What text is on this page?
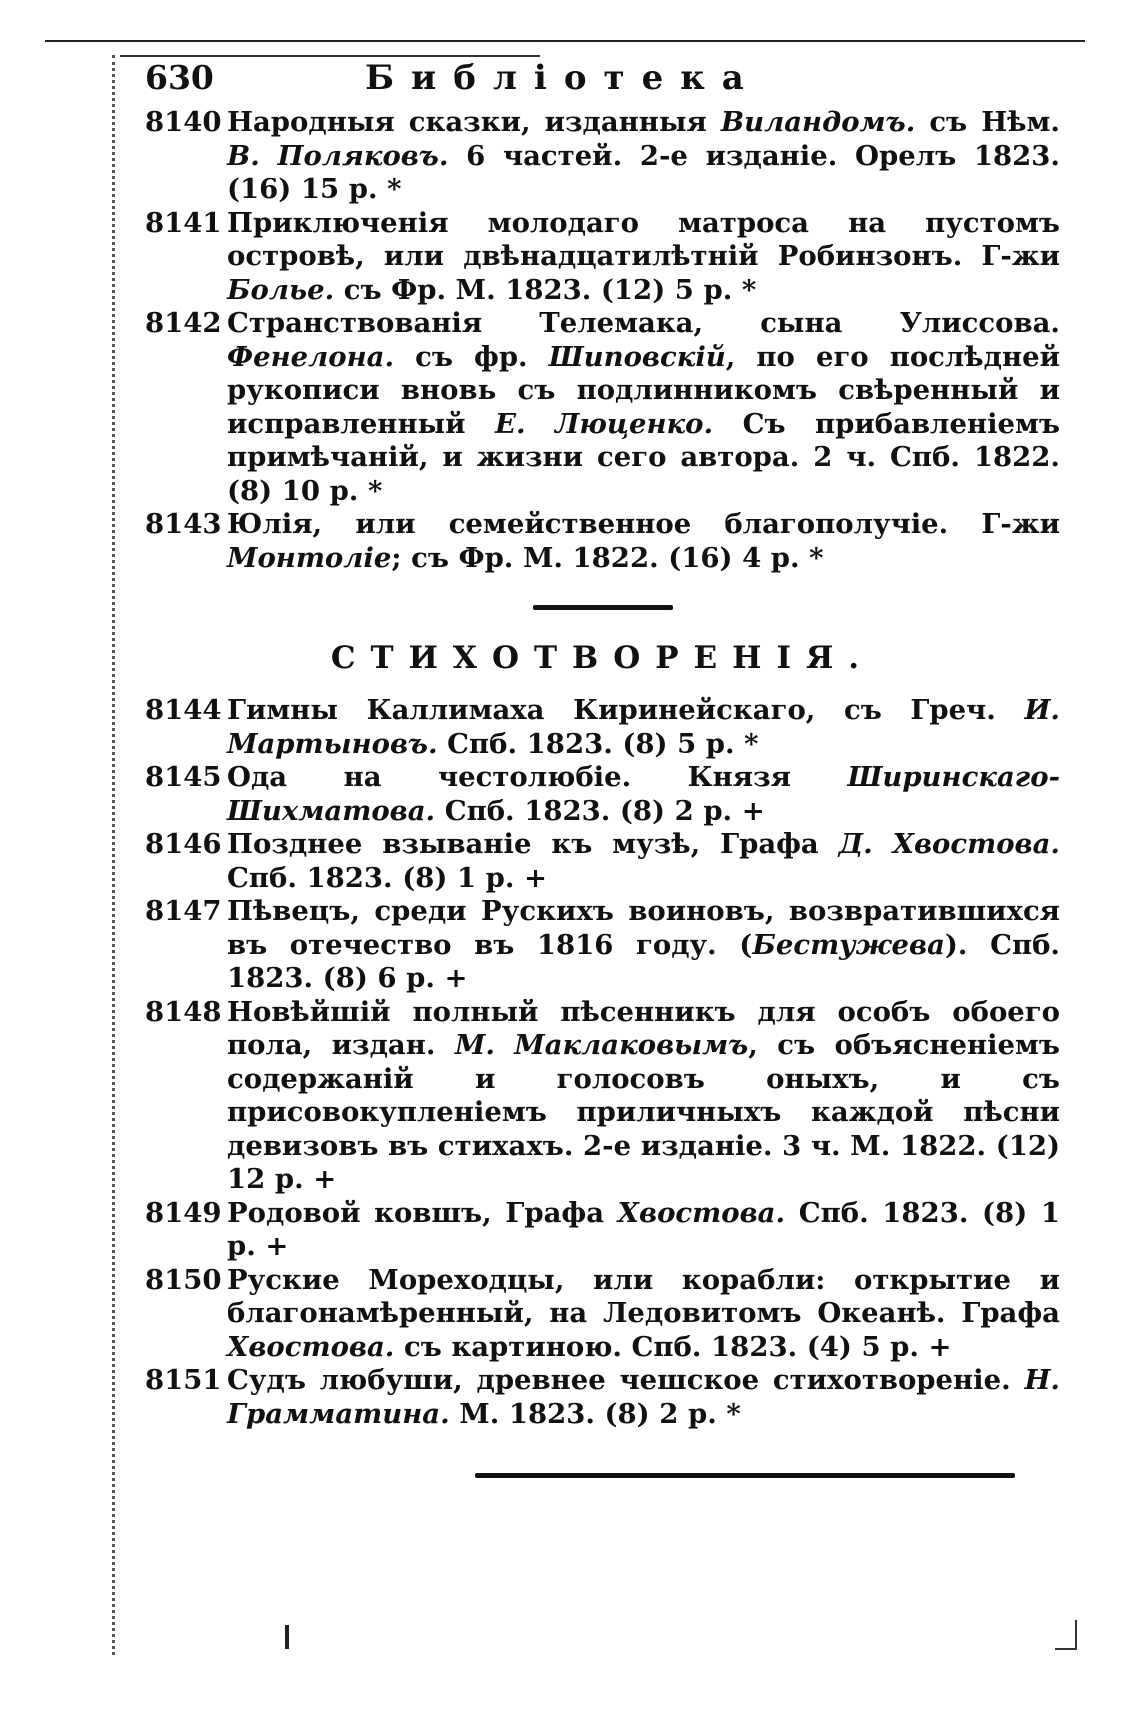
630	Библіотека
8140 Народныя сказки, изданныя Виландомъ. съ Нѣм. В. Поляковъ. 6 частей. 2-е изданіе. Орелъ 1823. (16) 15 р. *
8141 Приключенія молодаго матроса на пустомъ островѣ, или двѣнадцатилѣтній Робинзонъ. Г-жи Болье. съ Фр. М. 1823. (12) 5 р. *
8142 Странствованія Телемака, сына Улиссова. Фенелона. съ фр. Шиповскій, по его послѣдней рукописи вновь съ подлинникомъ свѣренный и исправленный Е. Люценко. Съ прибавленіемъ примѣчаній, и жизни сего автора. 2 ч. Спб. 1822. (8) 10 р. *
8143 Юлія, или семейственное благополучіе. Г-жи Монтоліе; съ Фр. М. 1822. (16) 4 р. *
СТИХОТВОРЕНІЯ.
8144 Гимны Каллимаха Киринейскаго, съ Греч. И. Мартыновъ. Спб. 1823. (8) 5 р. *
8145 Ода на честолюбіе. Князя Ширинскаго-Шихматова. Спб. 1823. (8) 2 р. +
8146 Позднее взываніе къ музѣ, Графа Д. Хвостова. Спб. 1823. (8) 1 р. +
8147 Пѣвецъ, среди Рускихъ воиновъ, возвратившихся въ отечество въ 1816 году. (Бестужева). Спб. 1823. (8) 6 р. +
8148 Новѣйшій полный пѣсенникъ для особъ обоего пола, издан. М. Маклаковымъ, съ объясненіемъ содержаній и голосовъ оныхъ, и съ присовокупленіемъ приличныхъ каждой пѣсни девизовъ въ стихахъ. 2-е изданіе. 3 ч. М. 1822. (12) 12 р. +
8149 Родовой ковшъ, Графа Хвостова. Спб. 1823. (8) 1 р. +
8150 Руские Мореходцы, или корабли: открытие и благонамѣренный, на Ледовитомъ Океанѣ. Графа Хвостова. съ картиною. Спб. 1823. (4) 5 р. +
8151 Судъ любуши, древнее чешское стихотвореніе. Н. Грамматина. М. 1823. (8) 2 р. *
